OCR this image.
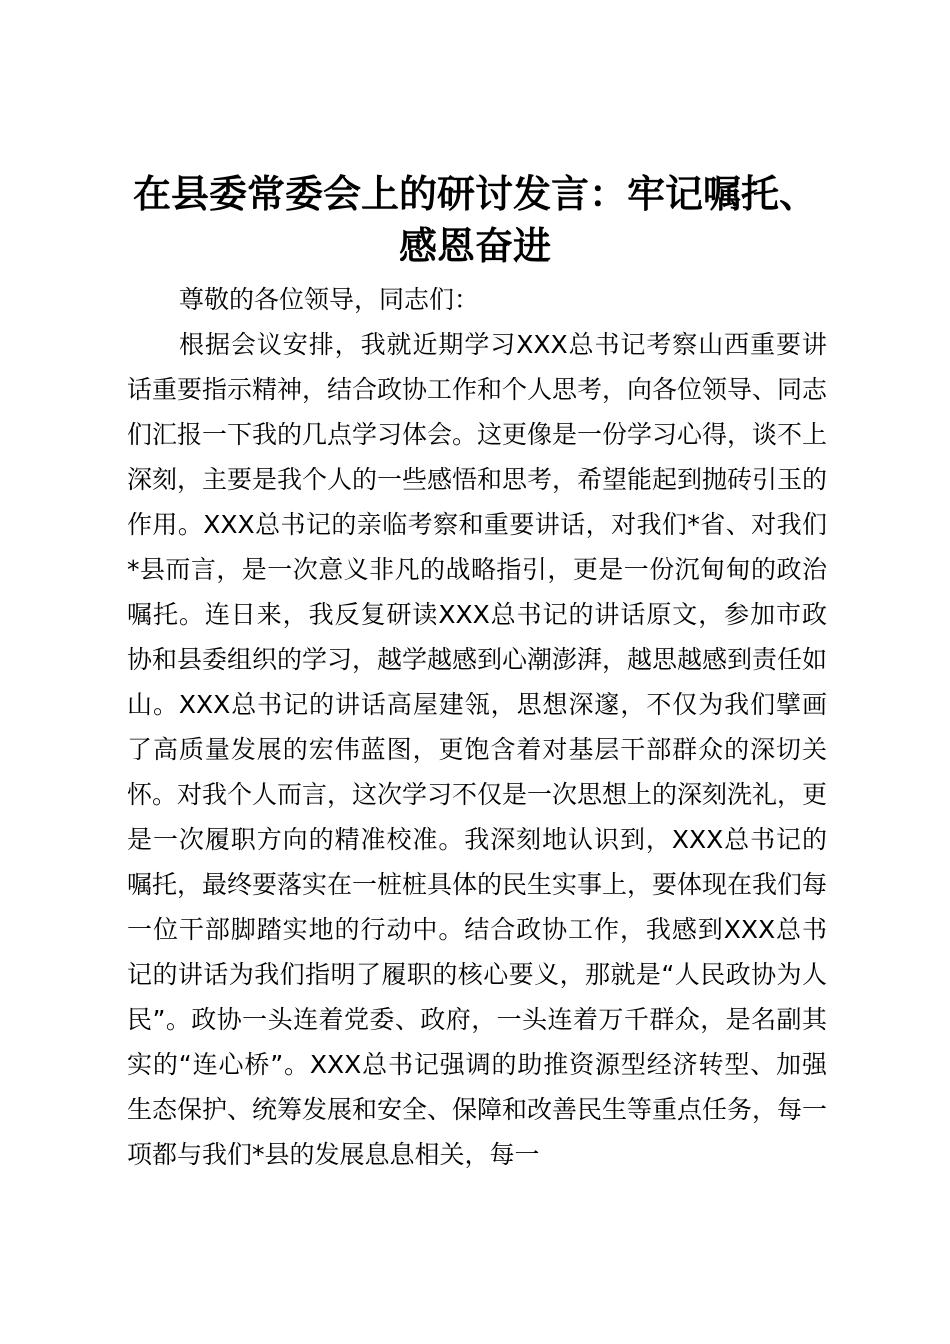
在县委常委会上的研讨发言：牢记嘱托、感恩奋进

尊敬的各位领导，同志们：

根据会议安排，我就近期学习XXX总书记考察山西重要讲话重要指示精神，结合政协工作和个人思考，向各位领导、同志们汇报一下我的几点学习体会。这更像是一份学习心得，谈不上深刻，主要是我个人的一些感悟和思考，希望能起到抛砖引玉的作用。XXX总书记的亲临考察和重要讲话，对我们*省、对我们*县而言，是一次意义非凡的战略指引，更是一份沉甸甸的政治嘱托。连日来，我反复研读XXX总书记的讲话原文，参加市政协和县委组织的学习，越学越感到心潮澎湃，越思越感到责任如山。XXX总书记的讲话高屋建瓴，思想深邃，不仅为我们擘画了高质量发展的宏伟蓝图，更饱含着对基层干部群众的深切关怀。对我个人而言，这次学习不仅是一次思想上的深刻洗礼，更是一次履职方向的精准校准。我深刻地认识到，XXX总书记的嘱托，最终要落实在一桩桩具体的民生实事上，要体现在我们每一位干部脚踏实地的行动中。结合政协工作，我感到XXX总书记的讲话为我们指明了履职的核心要义，那就是“人民政协为人民”。政协一头连着党委、政府，一头连着万千群众，是名副其实的“连心桥”。XXX总书记强调的助推资源型经济转型、加强生态保护、统筹发展和安全、保障和改善民生等重点任务，每一项都与我们*县的发展息息相关，每一
